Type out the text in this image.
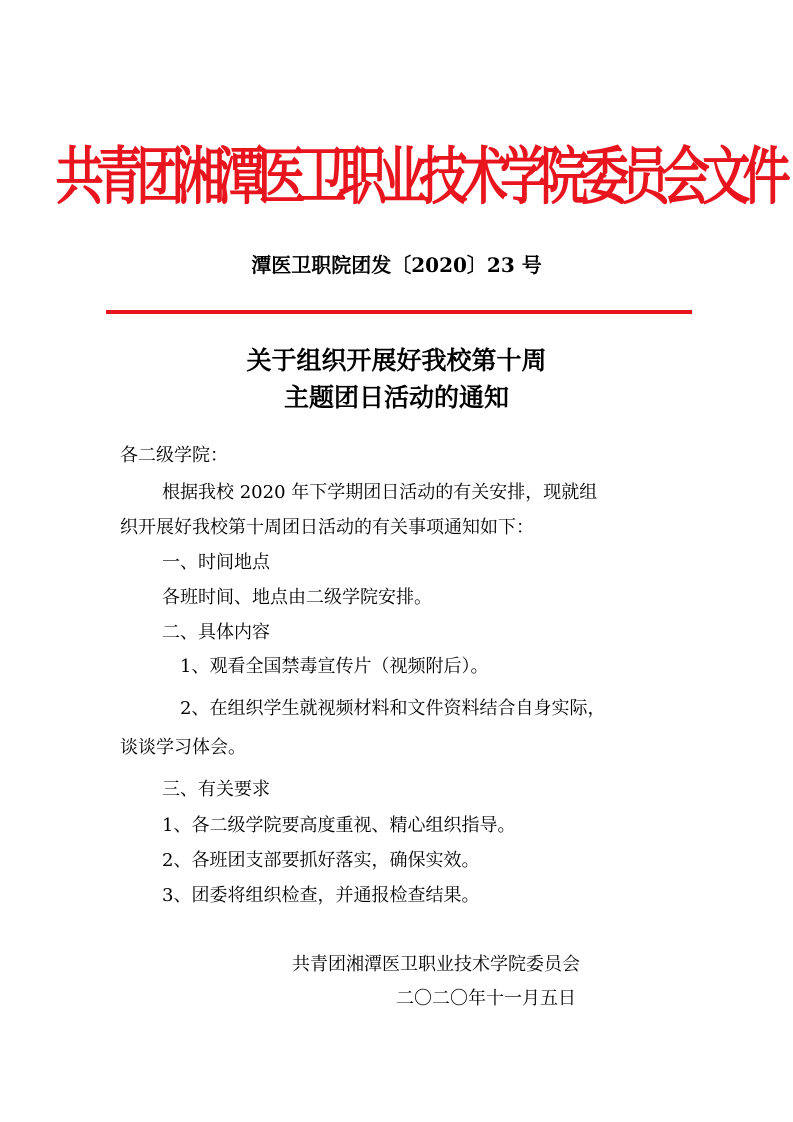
共青团湘潭医卫职业技术学院委员会文件
潭医卫职院团发〔2020〕23 号
关于组织开展好我校第十周
主题团日活动的通知
各二级学院：
根据我校 2020 年下学期团日活动的有关安排，现就组
织开展好我校第十周团日活动的有关事项通知如下：
一、时间地点
各班时间、地点由二级学院安排。
二、具体内容
1、观看全国禁毒宣传片（视频附后）。
2、在组织学生就视频材料和文件资料结合自身实际，
谈谈学习体会。
三、有关要求
1、各二级学院要高度重视、精心组织指导。
2、各班团支部要抓好落实，确保实效。
3、团委将组织检查，并通报检查结果。
共青团湘潭医卫职业技术学院委员会
二〇二〇年十一月五日
